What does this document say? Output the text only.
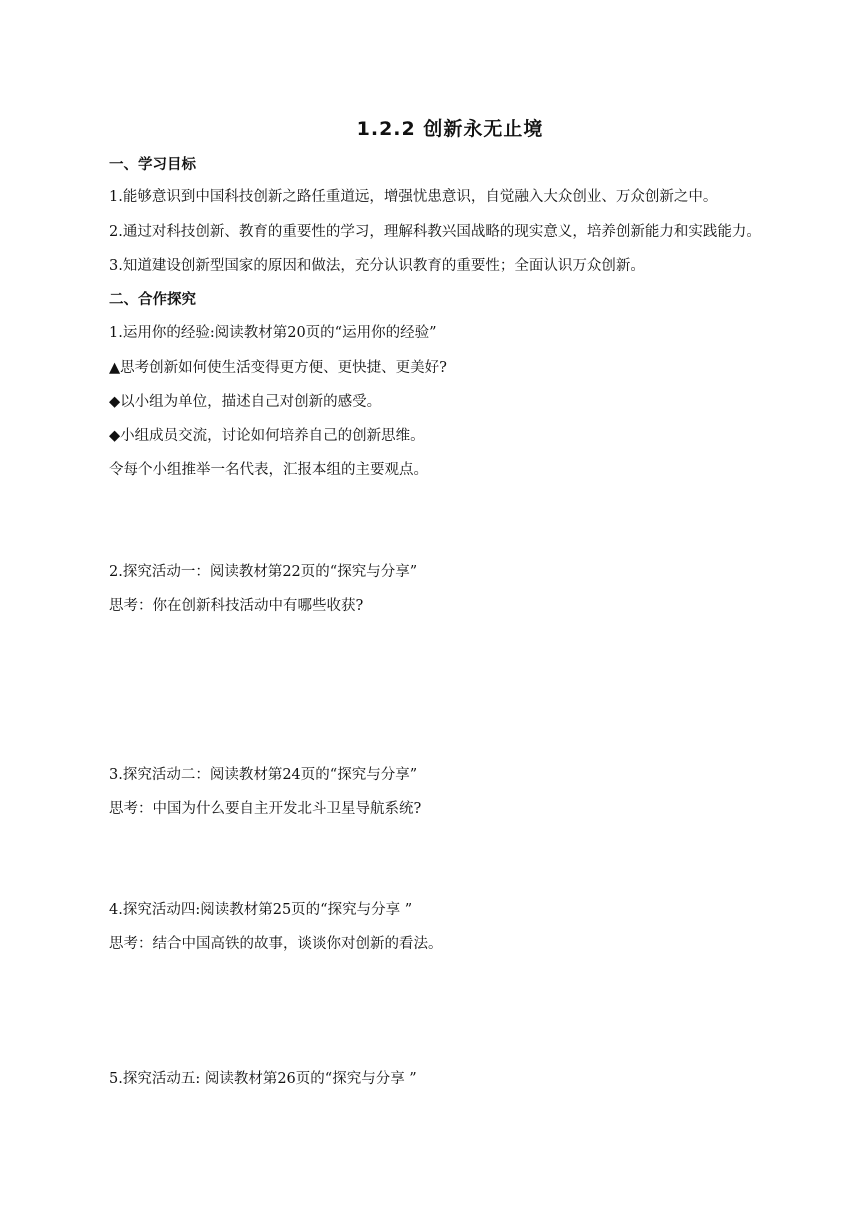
1.2.2 创新永无止境
一、学习目标
1.能够意识到中国科技创新之路任重道远，增强忧患意识，自觉融入大众创业、万众创新之中。
2.通过对科技创新、教育的重要性的学习，理解科教兴国战略的现实意义，培养创新能力和实践能力。
3.知道建设创新型国家的原因和做法，充分认识教育的重要性；全面认识万众创新。
二、合作探究
1.运用你的经验:阅读教材第20页的“运用你的经验”
▲思考创新如何使生活变得更方便、更快捷、更美好?
◆以小组为单位，描述自己对创新的感受。
◆小组成员交流，讨论如何培养自己的创新思维。
令每个小组推举一名代表，汇报本组的主要观点。
2.探究活动一：阅读教材第22页的“探究与分享”
思考：你在创新科技活动中有哪些收获?
3.探究活动二：阅读教材第24页的“探究与分享”
思考：中国为什么要自主开发北斗卫星导航系统?
4.探究活动四:阅读教材第25页的“探究与分享 ”
思考：结合中国高铁的故事，谈谈你对创新的看法。
5.探究活动五: 阅读教材第26页的“探究与分享 ”
